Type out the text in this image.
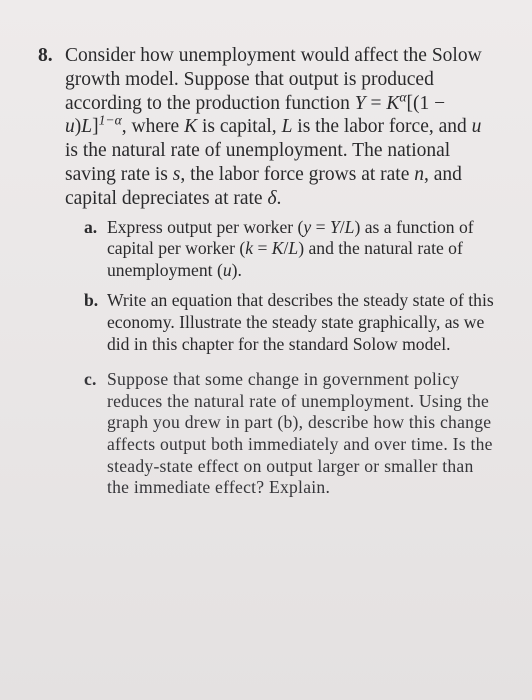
8. Consider how unemployment would affect the Solow growth model. Suppose that output is produced according to the production function $Y = K^\alpha[(1 - u)L]^{1-\alpha}$, where K is capital, L is the labor force, and u is the natural rate of unemployment. The national saving rate is s, the labor force grows at rate n, and capital depreciates at rate δ.
a. Express output per worker (y = Y/L) as a function of capital per worker (k = K/L) and the natural rate of unemployment (u).
b. Write an equation that describes the steady state of this economy. Illustrate the steady state graphically, as we did in this chapter for the standard Solow model.
c. Suppose that some change in government policy reduces the natural rate of unemployment. Using the graph you drew in part (b), describe how this change affects output both immediately and over time. Is the steady-state effect on output larger or smaller than the immediate effect? Explain.
